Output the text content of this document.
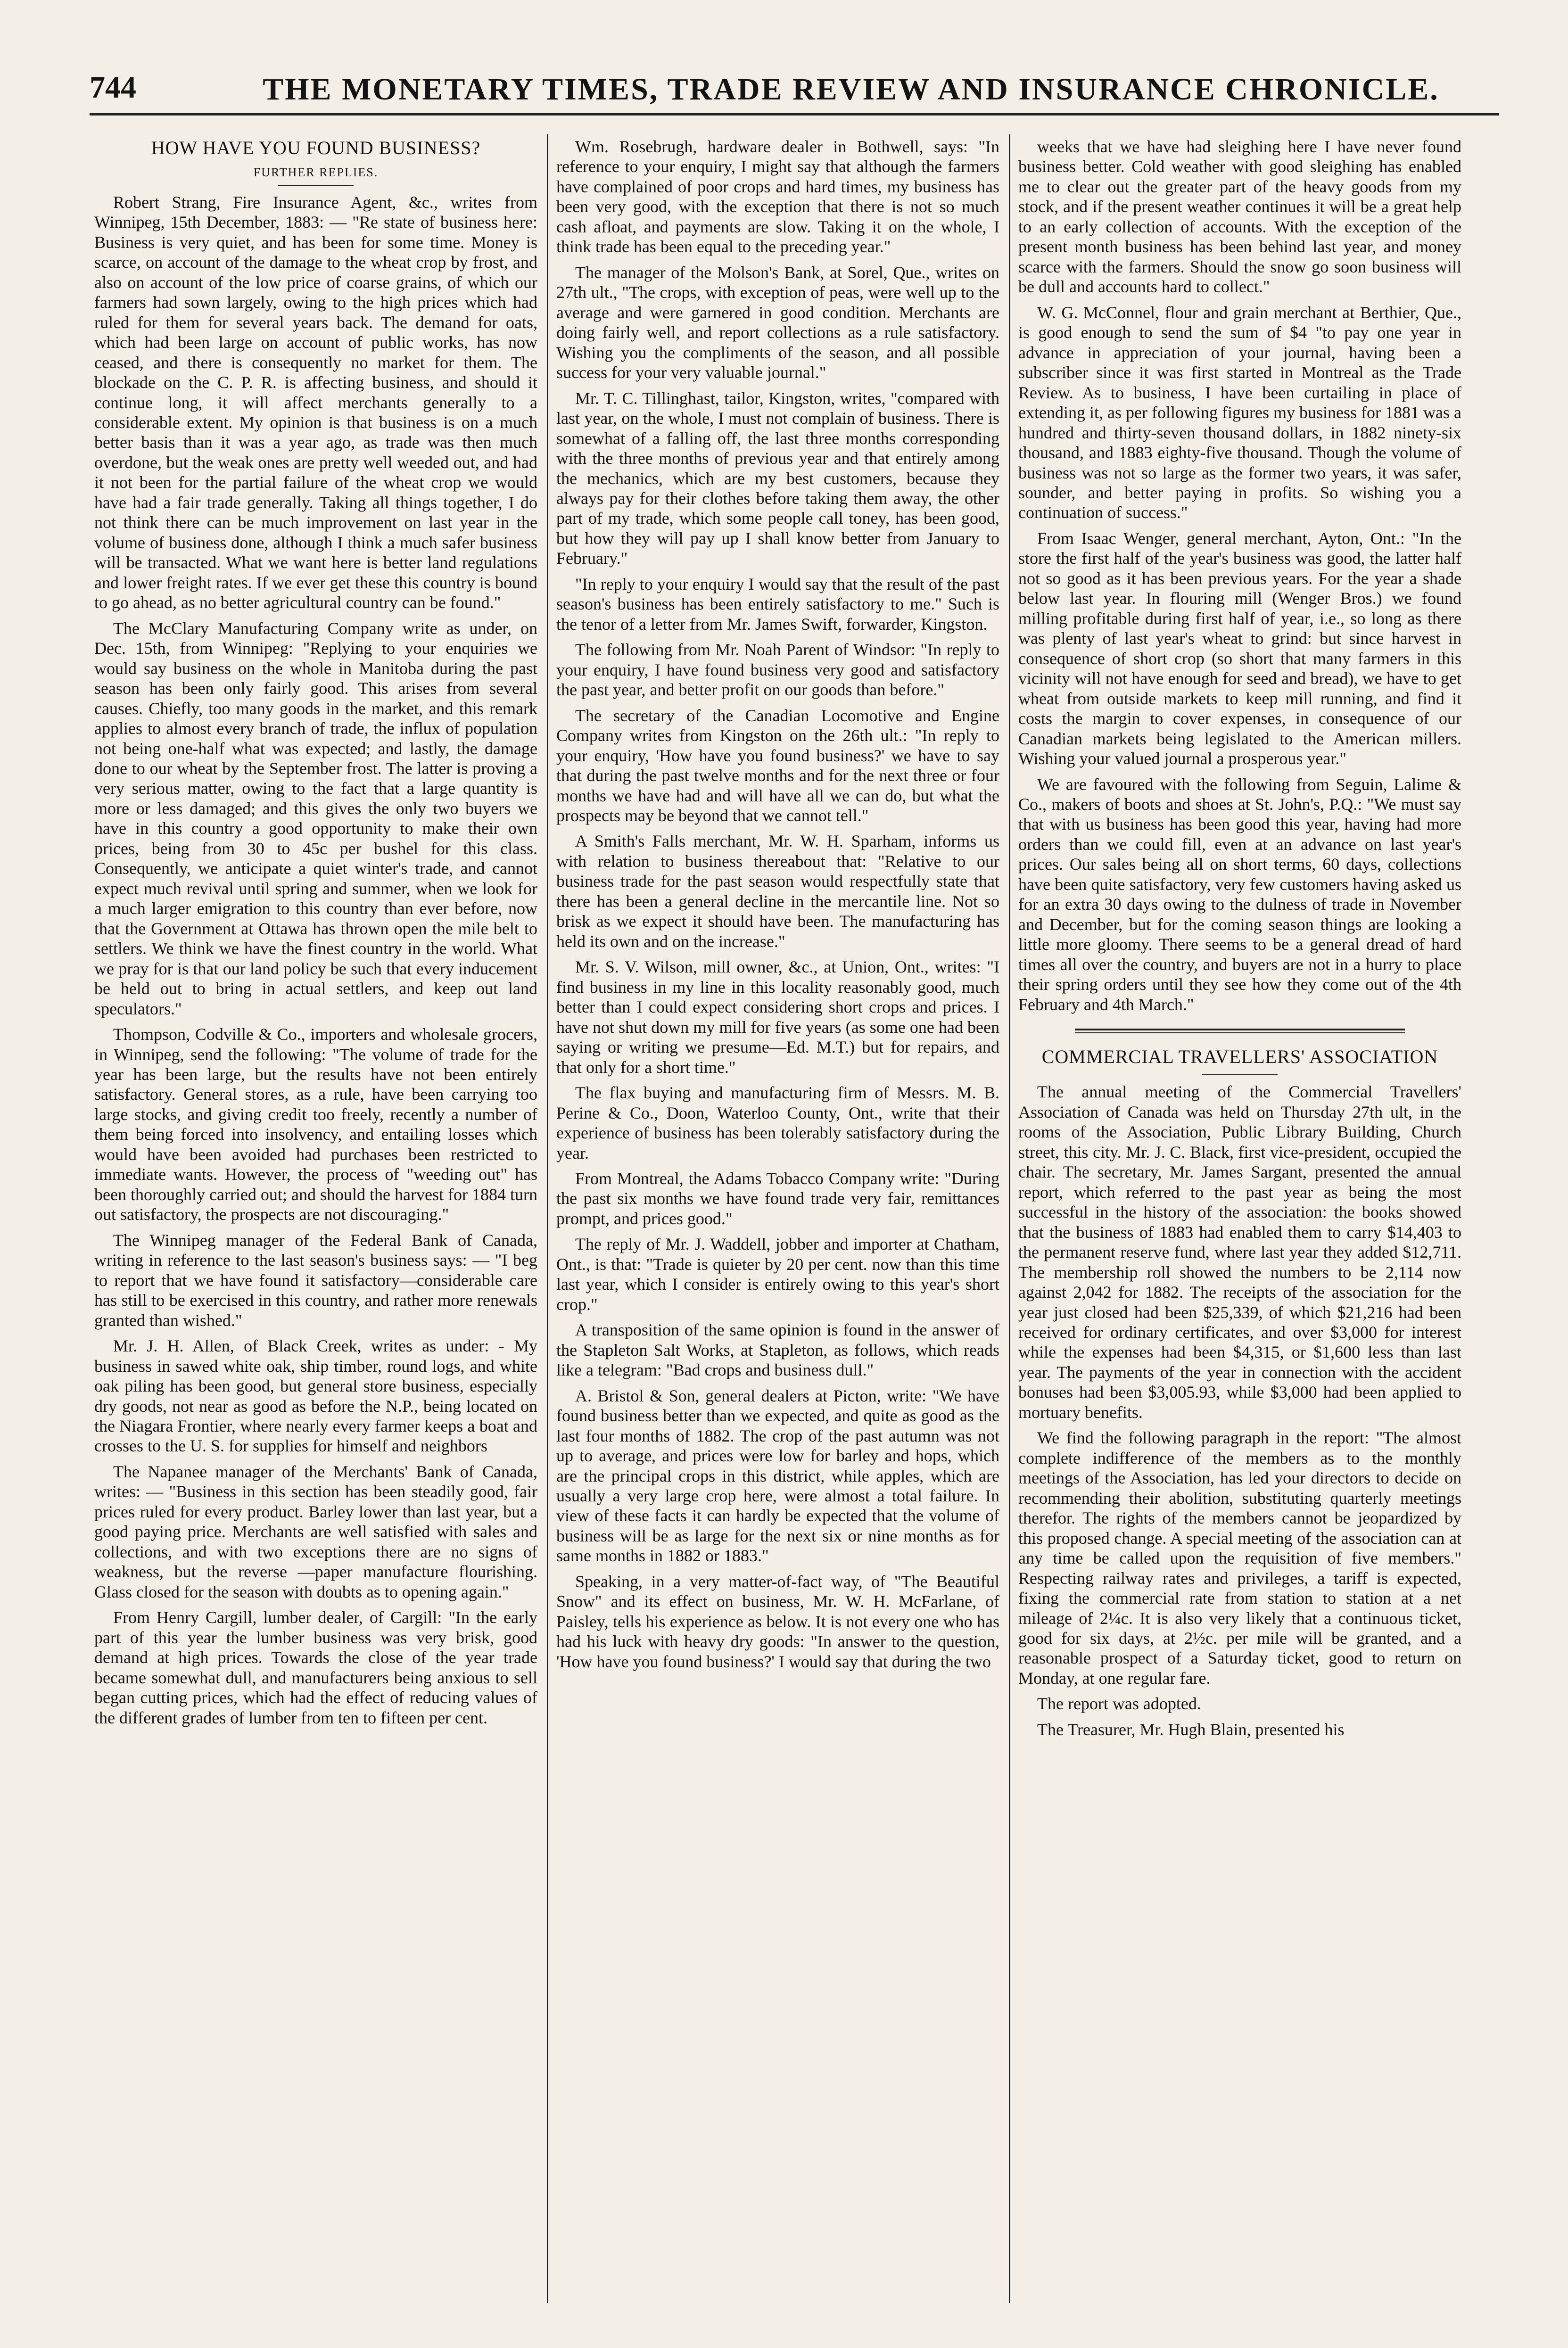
744	THE MONETARY TIMES, TRADE REVIEW AND INSURANCE CHRONICLE.

HOW HAVE YOU FOUND BUSINESS?

FURTHER REPLIES.

Robert Strang, Fire Insurance Agent, &c., writes from Winnipeg, 15th December, 1883: — "Re state of business here: Business is very quiet, and has been for some time. Money is scarce, on account of the damage to the wheat crop by frost, and also on account of the low price of coarse grains, of which our farmers had sown largely, owing to the high prices which had ruled for them for several years back. The demand for oats, which had been large on account of public works, has now ceased, and there is consequently no market for them. The blockade on the C. P. R. is affecting business, and should it continue long, it will affect merchants generally to a considerable extent. My opinion is that business is on a much better basis than it was a year ago, as trade was then much overdone, but the weak ones are pretty well weeded out, and had it not been for the partial failure of the wheat crop we would have had a fair trade generally. Taking all things together, I do not think there can be much improvement on last year in the volume of business done, although I think a much safer business will be transacted. What we want here is better land regulations and lower freight rates. If we ever get these this country is bound to go ahead, as no better agricultural country can be found."

The McClary Manufacturing Company write as under, on Dec. 15th, from Winnipeg: "Replying to your enquiries we would say business on the whole in Manitoba during the past season has been only fairly good. This arises from several causes. Chiefly, too many goods in the market, and this remark applies to almost every branch of trade, the influx of population not being one-half what was expected; and lastly, the damage done to our wheat by the September frost. The latter is proving a very serious matter, owing to the fact that a large quantity is more or less damaged; and this gives the only two buyers we have in this country a good opportunity to make their own prices, being from 30 to 45c per bushel for this class. Consequently, we anticipate a quiet winter's trade, and cannot expect much revival until spring and summer, when we look for a much larger emigration to this country than ever before, now that the Government at Ottawa has thrown open the mile belt to settlers. We think we have the finest country in the world. What we pray for is that our land policy be such that every inducement be held out to bring in actual settlers, and keep out land speculators."

Thompson, Codville & Co., importers and wholesale grocers, in Winnipeg, send the following: "The volume of trade for the year has been large, but the results have not been entirely satisfactory. General stores, as a rule, have been carrying too large stocks, and giving credit too freely, recently a number of them being forced into insolvency, and entailing losses which would have been avoided had purchases been restricted to immediate wants. However, the process of "weeding out" has been thoroughly carried out; and should the harvest for 1884 turn out satisfactory, the prospects are not discouraging."

The Winnipeg manager of the Federal Bank of Canada, writing in reference to the last season's business says: — "I beg to report that we have found it satisfactory—considerable care has still to be exercised in this country, and rather more renewals granted than wished."

Mr. J. H. Allen, of Black Creek, writes as under: - My business in sawed white oak, ship timber, round logs, and white oak piling has been good, but general store business, especially dry goods, not near as good as before the N.P., being located on the Niagara Frontier, where nearly every farmer keeps a boat and crosses to the U. S. for supplies for himself and neighbors

The Napanee manager of the Merchants' Bank of Canada, writes: — "Business in this section has been steadily good, fair prices ruled for every product. Barley lower than last year, but a good paying price. Merchants are well satisfied with sales and collections, and with two exceptions there are no signs of weakness, but the reverse —paper manufacture flourishing. Glass closed for the season with doubts as to opening again."

From Henry Cargill, lumber dealer, of Cargill: "In the early part of this year the lumber business was very brisk, good demand at high prices. Towards the close of the year trade became somewhat dull, and manufacturers being anxious to sell began cutting prices, which had the effect of reducing values of the different grades of lumber from ten to fifteen per cent.

Wm. Rosebrugh, hardware dealer in Bothwell, says: "In reference to your enquiry, I might say that although the farmers have complained of poor crops and hard times, my business has been very good, with the exception that there is not so much cash afloat, and payments are slow. Taking it on the whole, I think trade has been equal to the preceding year."

The manager of the Molson's Bank, at Sorel, Que., writes on 27th ult., "The crops, with exception of peas, were well up to the average and were garnered in good condition. Merchants are doing fairly well, and report collections as a rule satisfactory. Wishing you the compliments of the season, and all possible success for your very valuable journal."

Mr. T. C. Tillinghast, tailor, Kingston, writes, "compared with last year, on the whole, I must not complain of business. There is somewhat of a falling off, the last three months corresponding with the three months of previous year and that entirely among the mechanics, which are my best customers, because they always pay for their clothes before taking them away, the other part of my trade, which some people call toney, has been good, but how they will pay up I shall know better from January to February."

"In reply to your enquiry I would say that the result of the past season's business has been entirely satisfactory to me." Such is the tenor of a letter from Mr. James Swift, forwarder, Kingston.

The following from Mr. Noah Parent of Windsor: "In reply to your enquiry, I have found business very good and satisfactory the past year, and better profit on our goods than before."

The secretary of the Canadian Locomotive and Engine Company writes from Kingston on the 26th ult.: "In reply to your enquiry, 'How have you found business?' we have to say that during the past twelve months and for the next three or four months we have had and will have all we can do, but what the prospects may be beyond that we cannot tell."

A Smith's Falls merchant, Mr. W. H. Sparham, informs us with relation to business thereabout that: "Relative to our business trade for the past season would respectfully state that there has been a general decline in the mercantile line. Not so brisk as we expect it should have been. The manufacturing has held its own and on the increase."

Mr. S. V. Wilson, mill owner, &c., at Union, Ont., writes: "I find business in my line in this locality reasonably good, much better than I could expect considering short crops and prices. I have not shut down my mill for five years (as some one had been saying or writing we presume—Ed. M.T.) but for repairs, and that only for a short time."

The flax buying and manufacturing firm of Messrs. M. B. Perine & Co., Doon, Waterloo County, Ont., write that their experience of business has been tolerably satisfactory during the year.

From Montreal, the Adams Tobacco Company write: "During the past six months we have found trade very fair, remittances prompt, and prices good."

The reply of Mr. J. Waddell, jobber and importer at Chatham, Ont., is that: "Trade is quieter by 20 per cent. now than this time last year, which I consider is entirely owing to this year's short crop."

A transposition of the same opinion is found in the answer of the Stapleton Salt Works, at Stapleton, as follows, which reads like a telegram: "Bad crops and business dull."

A. Bristol & Son, general dealers at Picton, write: "We have found business better than we expected, and quite as good as the last four months of 1882. The crop of the past autumn was not up to average, and prices were low for barley and hops, which are the principal crops in this district, while apples, which are usually a very large crop here, were almost a total failure. In view of these facts it can hardly be expected that the volume of business will be as large for the next six or nine months as for same months in 1882 or 1883."

Speaking, in a very matter-of-fact way, of "The Beautiful Snow" and its effect on business, Mr. W. H. McFarlane, of Paisley, tells his experience as below. It is not every one who has had his luck with heavy dry goods: "In answer to the question, 'How have you found business?' I would say that during the two

weeks that we have had sleighing here I have never found business better. Cold weather with good sleighing has enabled me to clear out the greater part of the heavy goods from my stock, and if the present weather continues it will be a great help to an early collection of accounts. With the exception of the present month business has been behind last year, and money scarce with the farmers. Should the snow go soon business will be dull and accounts hard to collect."

W. G. McConnel, flour and grain merchant at Berthier, Que., is good enough to send the sum of $4 "to pay one year in advance in appreciation of your journal, having been a subscriber since it was first started in Montreal as the Trade Review. As to business, I have been curtailing in place of extending it, as per following figures my business for 1881 was a hundred and thirty-seven thousand dollars, in 1882 ninety-six thousand, and 1883 eighty-five thousand. Though the volume of business was not so large as the former two years, it was safer, sounder, and better paying in profits. So wishing you a continuation of success."

From Isaac Wenger, general merchant, Ayton, Ont.: "In the store the first half of the year's business was good, the latter half not so good as it has been previous years. For the year a shade below last year. In flouring mill (Wenger Bros.) we found milling profitable during first half of year, i.e., so long as there was plenty of last year's wheat to grind: but since harvest in consequence of short crop (so short that many farmers in this vicinity will not have enough for seed and bread), we have to get wheat from outside markets to keep mill running, and find it costs the margin to cover expenses, in consequence of our Canadian markets being legislated to the American millers. Wishing your valued journal a prosperous year."

We are favoured with the following from Seguin, Lalime & Co., makers of boots and shoes at St. John's, P.Q.: "We must say that with us business has been good this year, having had more orders than we could fill, even at an advance on last year's prices. Our sales being all on short terms, 60 days, collections have been quite satisfactory, very few customers having asked us for an extra 30 days owing to the dulness of trade in November and December, but for the coming season things are looking a little more gloomy. There seems to be a general dread of hard times all over the country, and buyers are not in a hurry to place their spring orders until they see how they come out of the 4th February and 4th March."

COMMERCIAL TRAVELLERS' ASSOCIATION

The annual meeting of the Commercial Travellers' Association of Canada was held on Thursday 27th ult, in the rooms of the Association, Public Library Building, Church street, this city. Mr. J. C. Black, first vice-president, occupied the chair. The secretary, Mr. James Sargant, presented the annual report, which referred to the past year as being the most successful in the history of the association: the books showed that the business of 1883 had enabled them to carry $14,403 to the permanent reserve fund, where last year they added $12,711. The membership roll showed the numbers to be 2,114 now against 2,042 for 1882. The receipts of the association for the year just closed had been $25,339, of which $21,216 had been received for ordinary certificates, and over $3,000 for interest while the expenses had been $4,315, or $1,600 less than last year. The payments of the year in connection with the accident bonuses had been $3,005.93, while $3,000 had been applied to mortuary benefits.

We find the following paragraph in the report: "The almost complete indifference of the members as to the monthly meetings of the Association, has led your directors to decide on recommending their abolition, substituting quarterly meetings therefor. The rights of the members cannot be jeopardized by this proposed change. A special meeting of the association can at any time be called upon the requisition of five members." Respecting railway rates and privileges, a tariff is expected, fixing the commercial rate from station to station at a net mileage of 2¼c. It is also very likely that a continuous ticket, good for six days, at 2½c. per mile will be granted, and a reasonable prospect of a Saturday ticket, good to return on Monday, at one regular fare.

The report was adopted.

The Treasurer, Mr. Hugh Blain, presented his
